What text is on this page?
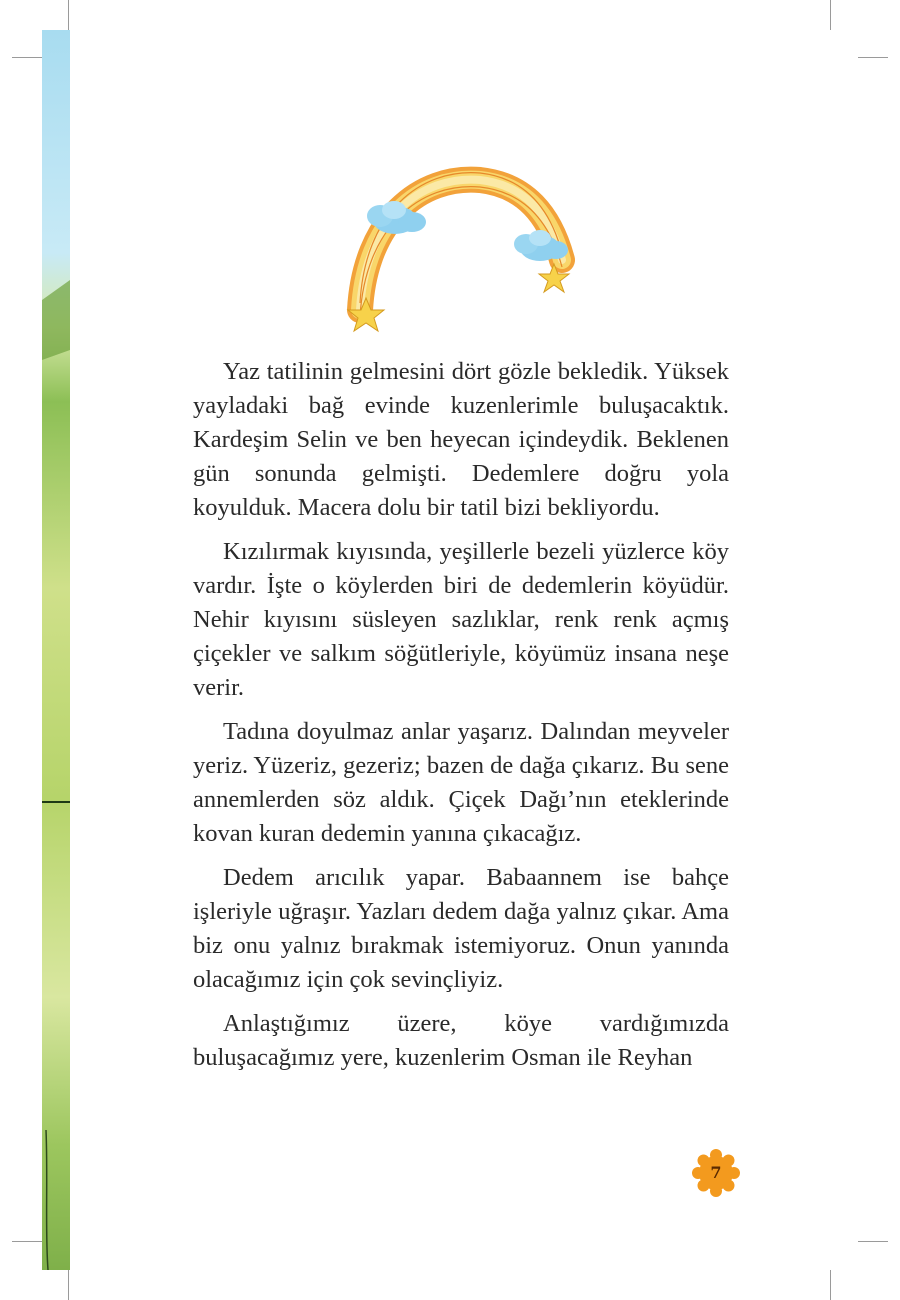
Yaz tatilinin gelmesini dört gözle bekledik. Yüksek yayladaki bağ evinde kuzenlerimle buluşacaktık. Kardeşim Selin ve ben heyecan içindeydik. Beklenen gün sonunda gelmişti. Dedemlere doğru yola koyulduk. Macera dolu bir tatil bizi bekliyordu.

Kızılırmak kıyısında, yeşillerle bezeli yüzlerce köy vardır. İşte o köylerden biri de dedemlerin köyüdür. Nehir kıyısını süsleyen sazlıklar, renk renk açmış çiçekler ve salkım söğütleriyle, köyümüz insana neşe verir.

Tadına doyulmaz anlar yaşarız. Dalından meyveler yeriz. Yüzeriz, gezeriz; bazen de dağa çıkarız. Bu sene annemlerden söz aldık. Çiçek Dağı’nın eteklerinde kovan kuran dedemin yanına çıkacağız.

Dedem arıcılık yapar. Babaannem ise bahçe işleriyle uğraşır. Yazları dedem dağa yalnız çıkar. Ama biz onu yalnız bırakmak istemiyoruz. Onun yanında olacağımız için çok sevinçliyiz.

Anlaştığımız üzere, köye vardığımızda buluşacağımız yere, kuzenlerim Osman ile Reyhan

7
